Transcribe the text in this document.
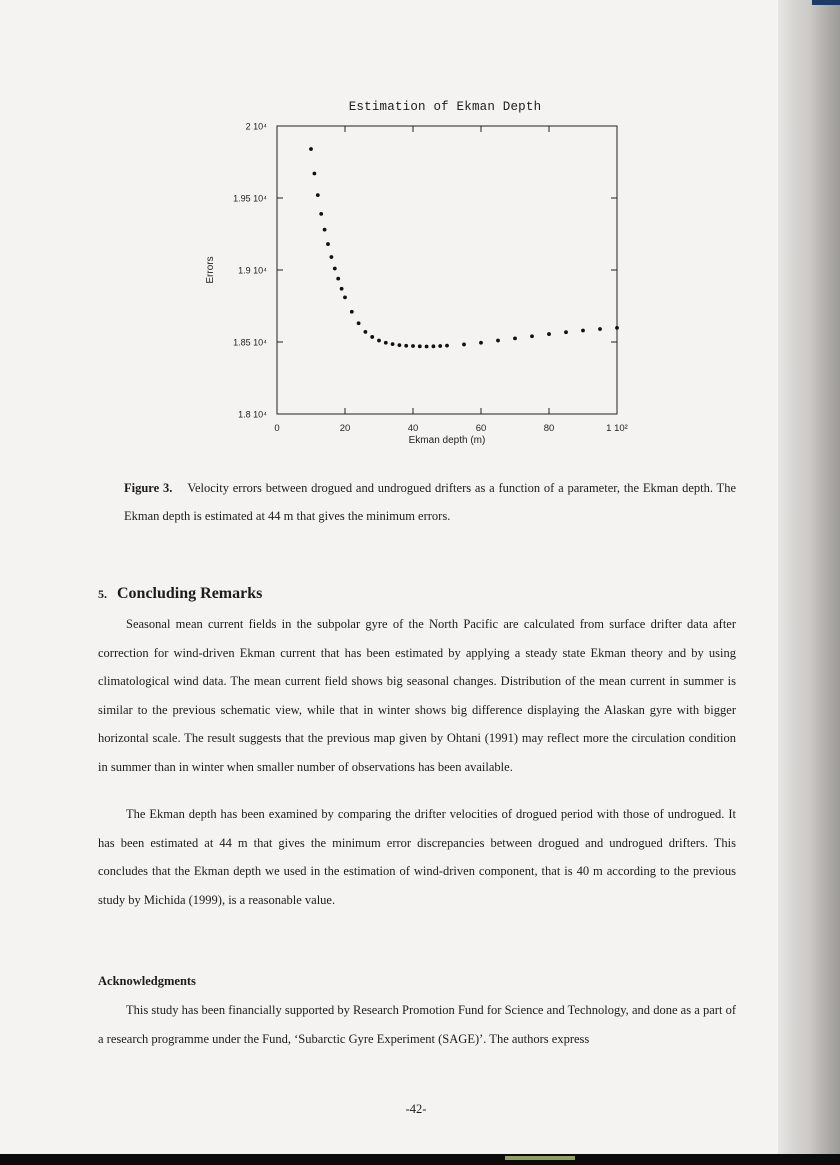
Estimation of Ekman Depth
0	20	40	60	80	1 10²
1.8 10⁴
1.85 10⁴
1.9 10⁴
1.95 10⁴
2 10⁴
Ekman depth (m)
Errors
Figure 3. Velocity errors between drogued and undrogued drifters as a function of a parameter, the Ekman depth. The Ekman depth is estimated at 44 m that gives the minimum errors.
5. Concluding Remarks
Seasonal mean current fields in the subpolar gyre of the North Pacific are calculated from surface drifter data after correction for wind-driven Ekman current that has been estimated by applying a steady state Ekman theory and by using climatological wind data. The mean current field shows big seasonal changes. Distribution of the mean current in summer is similar to the previous schematic view, while that in winter shows big difference displaying the Alaskan gyre with bigger horizontal scale. The result suggests that the previous map given by Ohtani (1991) may reflect more the circulation condition in summer than in winter when smaller number of observations has been available.
The Ekman depth has been examined by comparing the drifter velocities of drogued period with those of undrogued. It has been estimated at 44 m that gives the minimum error discrepancies between drogued and undrogued drifters. This concludes that the Ekman depth we used in the estimation of wind-driven component, that is 40 m according to the previous study by Michida (1999), is a reasonable value.
Acknowledgments
This study has been financially supported by Research Promotion Fund for Science and Technology, and done as a part of a research programme under the Fund, ‘Subarctic Gyre Experiment (SAGE)’. The authors express
-42-
